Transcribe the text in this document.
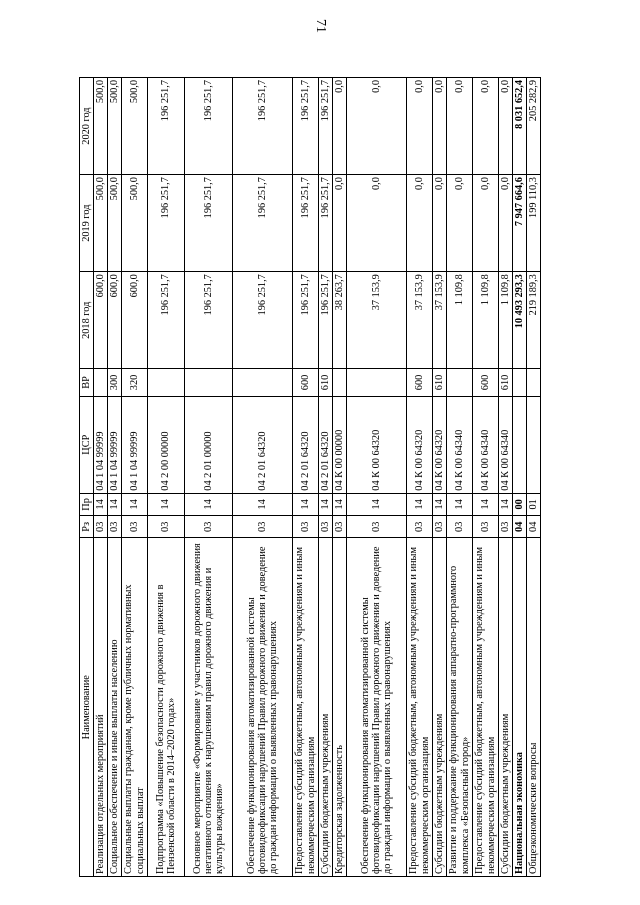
71
Наименование	Рз	Пр	ЦСР	ВР	2018 год	2019 год	2020 год
Реализация отдельных мероприятий	03	14	04 1 04 99999		600,0	500,0	500,0
Социальное обеспечение и иные выплаты населению	03	14	04 1 04 99999	300	600,0	500,0	500,0
Социальные выплаты гражданам, кроме публичных нормативных социальных выплат	03	14	04 1 04 99999	320	600,0	500,0	500,0
Подпрограмма «Повышение безопасности дорожного движения в Пензенской области в 2014–2020 годах»	03	14	04 2 00 00000		196 251,7	196 251,7	196 251,7
Основное мероприятие «Формирование у участников дорожного движения негативного отношения к нарушениям правил дорожного движения и культуры вождения»	03	14	04 2 01 00000		196 251,7	196 251,7	196 251,7
Обеспечение функционирования автоматизированной системы фотовидеофиксации нарушений Правил дорожного движения и доведение до граждан информации о выявленных правонарушениях	03	14	04 2 01 64320		196 251,7	196 251,7	196 251,7
Предоставление субсидий бюджетным, автономным учреждениям и иным некоммерческим организациям	03	14	04 2 01 64320	600	196 251,7	196 251,7	196 251,7
Субсидии бюджетным учреждениям	03	14	04 2 01 64320	610	196 251,7	196 251,7	196 251,7
Кредиторская задолженность	03	14	04 К 00 00000		38 263,7	0,0	0,0
Обеспечение функционирования автоматизированной системы фотовидеофиксации нарушений Правил дорожного движения и доведение до граждан информации о выявленных правонарушениях	03	14	04 К 00 64320		37 153,9	0,0	0,0
Предоставление субсидий бюджетным, автономным учреждениям и иным некоммерческим организациям	03	14	04 К 00 64320	600	37 153,9	0,0	0,0
Субсидии бюджетным учреждениям	03	14	04 К 00 64320	610	37 153,9	0,0	0,0
Развитие и поддержание функционирования аппаратно-программного комплекса «Безопасный город»	03	14	04 К 00 64340		1 109,8	0,0	0,0
Предоставление субсидий бюджетным, автономным учреждениям и иным некоммерческим организациям	03	14	04 К 00 64340	600	1 109,8	0,0	0,0
Субсидии бюджетным учреждениям	03	14	04 К 00 64340	610	1 109,8	0,0	0,0
Национальная экономика	04	00			10 493 293,3	7 947 664,6	8 031 652,4
Общеэкономические вопросы	04	01			219 189,3	199 110,3	205 282,9
